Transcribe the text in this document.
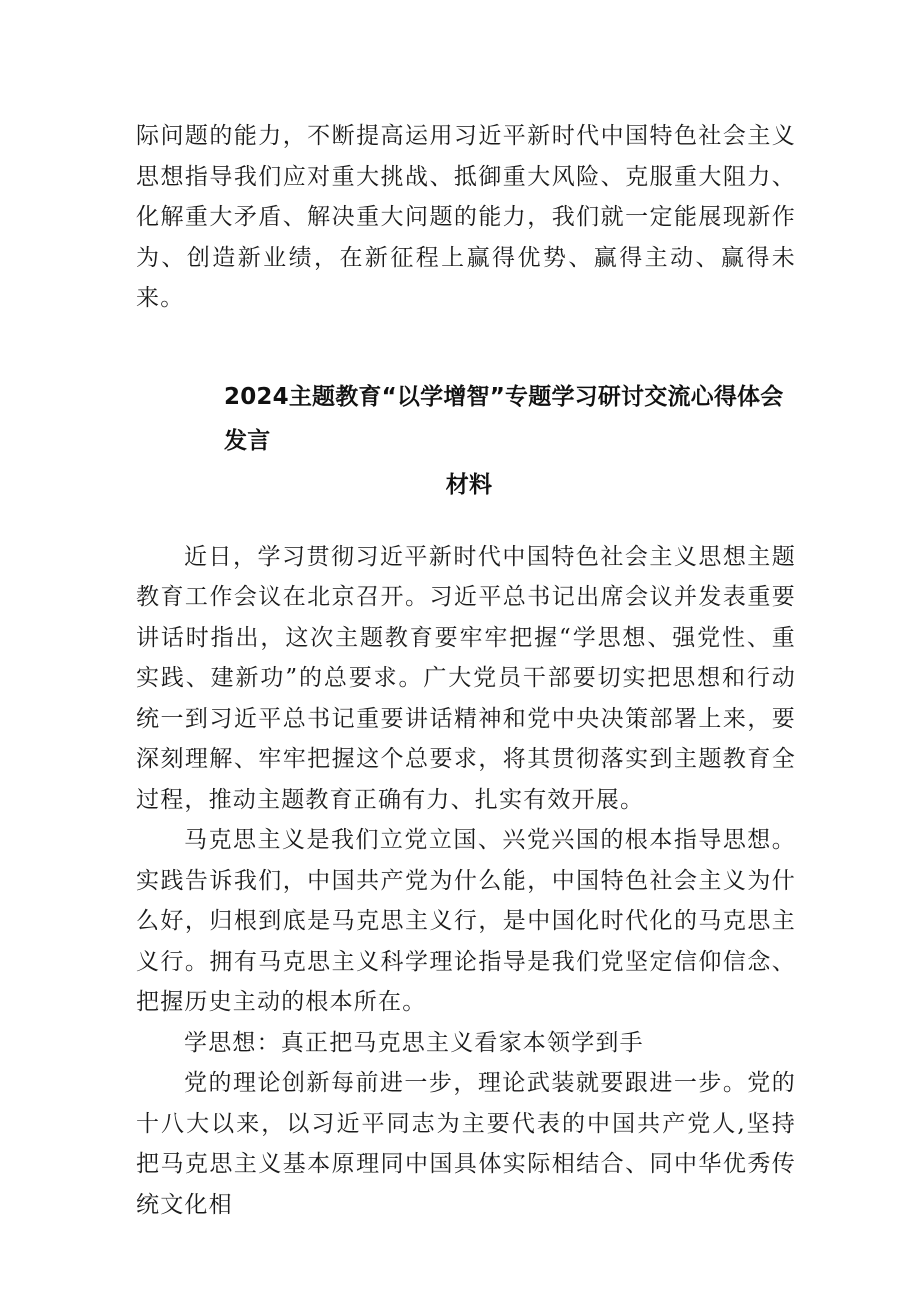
际问题的能力，不断提高运用习近平新时代中国特色社会主义思想指导我们应对重大挑战、抵御重大风险、克服重大阻力、化解重大矛盾、解决重大问题的能力，我们就一定能展现新作为、创造新业绩，在新征程上赢得优势、赢得主动、赢得未来。

2024主题教育“以学增智”专题学习研讨交流心得体会发言
材料

近日，学习贯彻习近平新时代中国特色社会主义思想主题教育工作会议在北京召开。习近平总书记出席会议并发表重要讲话时指出，这次主题教育要牢牢把握“学思想、强党性、重实践、建新功”的总要求。广大党员干部要切实把思想和行动统一到习近平总书记重要讲话精神和党中央决策部署上来，要深刻理解、牢牢把握这个总要求，将其贯彻落实到主题教育全过程，推动主题教育正确有力、扎实有效开展。

马克思主义是我们立党立国、兴党兴国的根本指导思想。实践告诉我们，中国共产党为什么能，中国特色社会主义为什么好，归根到底是马克思主义行，是中国化时代化的马克思主义行。拥有马克思主义科学理论指导是我们党坚定信仰信念、把握历史主动的根本所在。

学思想：真正把马克思主义看家本领学到手

党的理论创新每前进一步，理论武装就要跟进一步。党的十八大以来，以习近平同志为主要代表的中国共产党人,坚持把马克思主义基本原理同中国具体实际相结合、同中华优秀传统文化相
